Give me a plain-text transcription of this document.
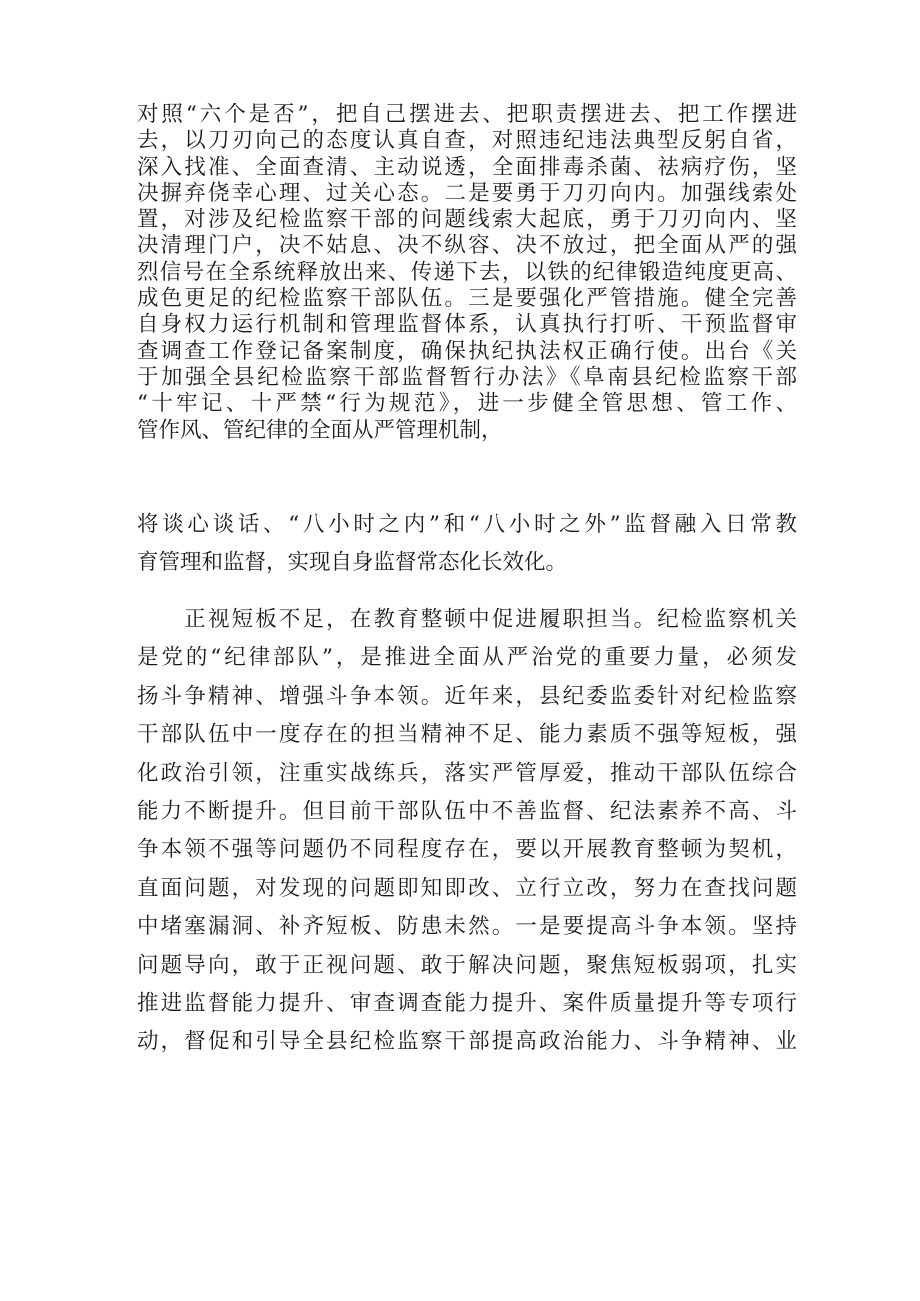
对照“六个是否”，把自己摆进去、把职责摆进去、把工作摆进
去，以刀刃向己的态度认真自查，对照违纪违法典型反躬自省，
深入找准、全面查清、主动说透，全面排毒杀菌、祛病疗伤，坚
决摒弃侥幸心理、过关心态。二是要勇于刀刃向内。加强线索处
置，对涉及纪检监察干部的问题线索大起底，勇于刀刃向内、坚
决清理门户，决不姑息、决不纵容、决不放过，把全面从严的强
烈信号在全系统释放出来、传递下去，以铁的纪律锻造纯度更高、
成色更足的纪检监察干部队伍。三是要强化严管措施。健全完善
自身权力运行机制和管理监督体系，认真执行打听、干预监督审
查调查工作登记备案制度，确保执纪执法权正确行使。出台《关
于加强全县纪检监察干部监督暂行办法》《阜南县纪检监察干部
“十牢记、十严禁“行为规范》，进一步健全管思想、管工作、
管作风、管纪律的全面从严管理机制，
将谈心谈话、“八小时之内”和“八小时之外”监督融入日常教
育管理和监督，实现自身监督常态化长效化。
　　正视短板不足，在教育整顿中促进履职担当。纪检监察机关
是党的“纪律部队”，是推进全面从严治党的重要力量，必须发
扬斗争精神、增强斗争本领。近年来，县纪委监委针对纪检监察
干部队伍中一度存在的担当精神不足、能力素质不强等短板，强
化政治引领，注重实战练兵，落实严管厚爱，推动干部队伍综合
能力不断提升。但目前干部队伍中不善监督、纪法素养不高、斗
争本领不强等问题仍不同程度存在，要以开展教育整顿为契机，
直面问题，对发现的问题即知即改、立行立改，努力在查找问题
中堵塞漏洞、补齐短板、防患未然。一是要提高斗争本领。坚持
问题导向，敢于正视问题、敢于解决问题，聚焦短板弱项，扎实
推进监督能力提升、审查调查能力提升、案件质量提升等专项行
动，督促和引导全县纪检监察干部提高政治能力、斗争精神、业
